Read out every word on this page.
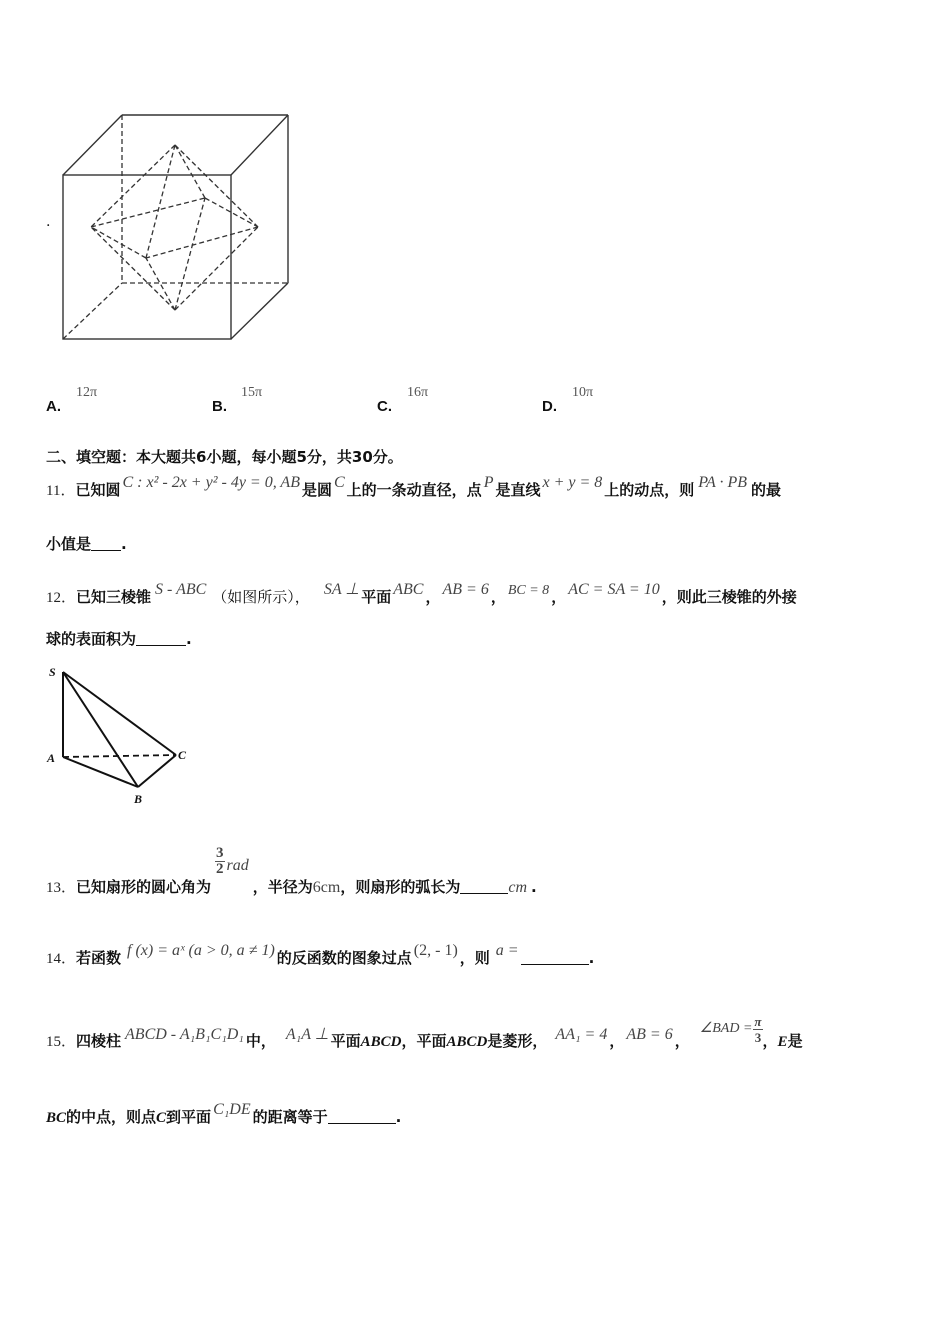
.
A.
12π
B.
15π
C.
16π
D.
10π
二、填空题：本大题共6小题，每小题5分，共30分。
11．已知圆 C : x² - 2x + y² - 4y = 0, AB 是圆 C 上的一条动直径，点 P 是直线 x + y = 8 上的动点，则 PA · PB 的最
小值是 .
12．已知三棱锥 S - ABC （如图所示）， SA ⊥ 平面 ABC ， AB = 6 ， BC = 8 ， AC = SA = 10 ，则此三棱锥的外接
球的表面积为	.
S
A
B
C
13．已知扇形的圆心角为
$\frac{3}{2}$ rad，半径为6cm，则扇形的弧长为	cm .
14．若函数 f (x) = aˣ (a > 0, a ≠ 1) 的反函数的图象过点 (2, - 1) ，则 a =	.
15．四棱柱 ABCD - A₁B₁C₁D₁ 中， A₁A ⊥ 平面ABCD，平面ABCD是菱形， AA₁ = 4 ， AB = 6 ，∠BAD = $\frac{\pi}{3}$ ，E是
BC的中点，则点C到平面 C₁DE 的距离等于	.
